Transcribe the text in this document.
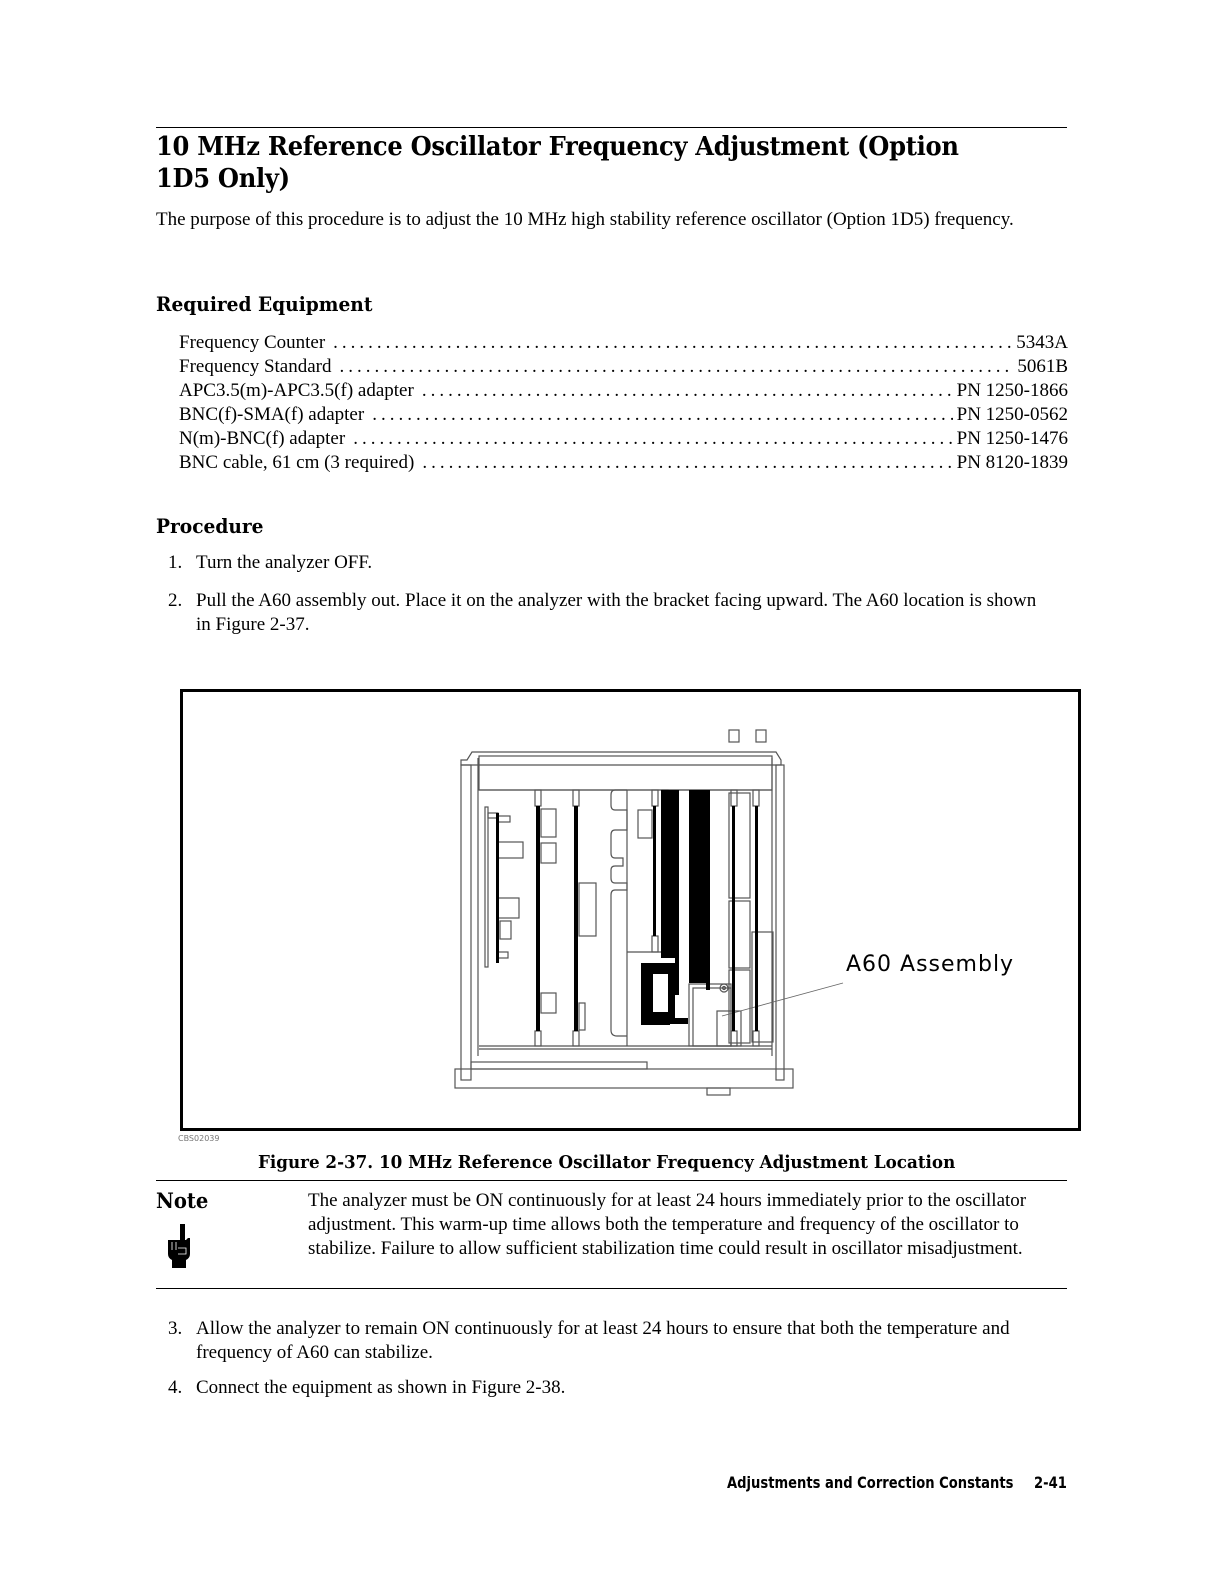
10 MHz Reference Oscillator Frequency Adjustment (Option 1D5 Only)
The purpose of this procedure is to adjust the 10 MHz high stability reference oscillator (Option 1D5) frequency.
Required Equipment
Frequency Counter .....	5343A
Frequency Standard .....	5061B
APC3.5(m)-APC3.5(f) adapter .....	PN 1250-1866
BNC(f)-SMA(f) adapter .....	PN 1250-0562
N(m)-BNC(f) adapter .....	PN 1250-1476
BNC cable, 61 cm (3 required) .....	PN 8120-1839
Procedure
1. Turn the analyzer OFF.
2. Pull the A60 assembly out. Place it on the analyzer with the bracket facing upward. The A60 location is shown in Figure 2-37.
A60 Assembly
CBS02039
Figure 2-37. 10 MHz Reference Oscillator Frequency Adjustment Location
Note	The analyzer must be ON continuously for at least 24 hours immediately prior to the oscillator adjustment. This warm-up time allows both the temperature and frequency of the oscillator to stabilize. Failure to allow sufficient stabilization time could result in oscillator misadjustment.
3. Allow the analyzer to remain ON continuously for at least 24 hours to ensure that both the temperature and frequency of A60 can stabilize.
4. Connect the equipment as shown in Figure 2-38.
Adjustments and Correction Constants 2-41
